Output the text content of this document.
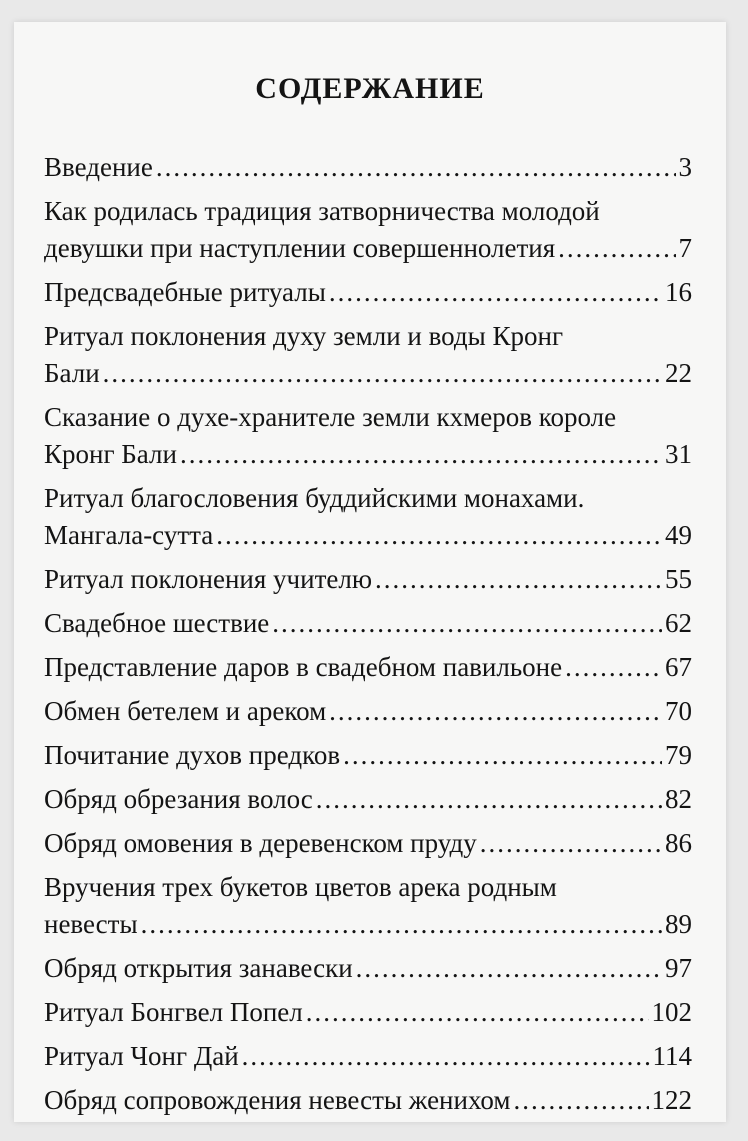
СОДЕРЖАНИЕ
Введение .....	3
Как родилась традиция затворничества молодой
девушки при наступлении совершеннолетия .....	7
Предсвадебные ритуалы .....	16
Ритуал поклонения духу земли и воды Кронг
Бали .....	22
Сказание о духе-хранителе земли кхмеров короле
Кронг Бали .....	31
Ритуал благословения буддийскими монахами.
Мангала-сутта .....	49
Ритуал поклонения учителю .....	55
Свадебное шествие .....	62
Представление даров в свадебном павильоне .....	67
Обмен бетелем и ареком .....	70
Почитание духов предков .....	79
Обряд обрезания волос .....	82
Обряд омовения в деревенском пруду .....	86
Вручения трех букетов цветов арека родным
невесты .....	89
Обряд открытия занавески .....	97
Ритуал Бонгвел Попел .....	102
Ритуал Чонг Дай .....	114
Обряд сопровождения невесты женихом .....	122
